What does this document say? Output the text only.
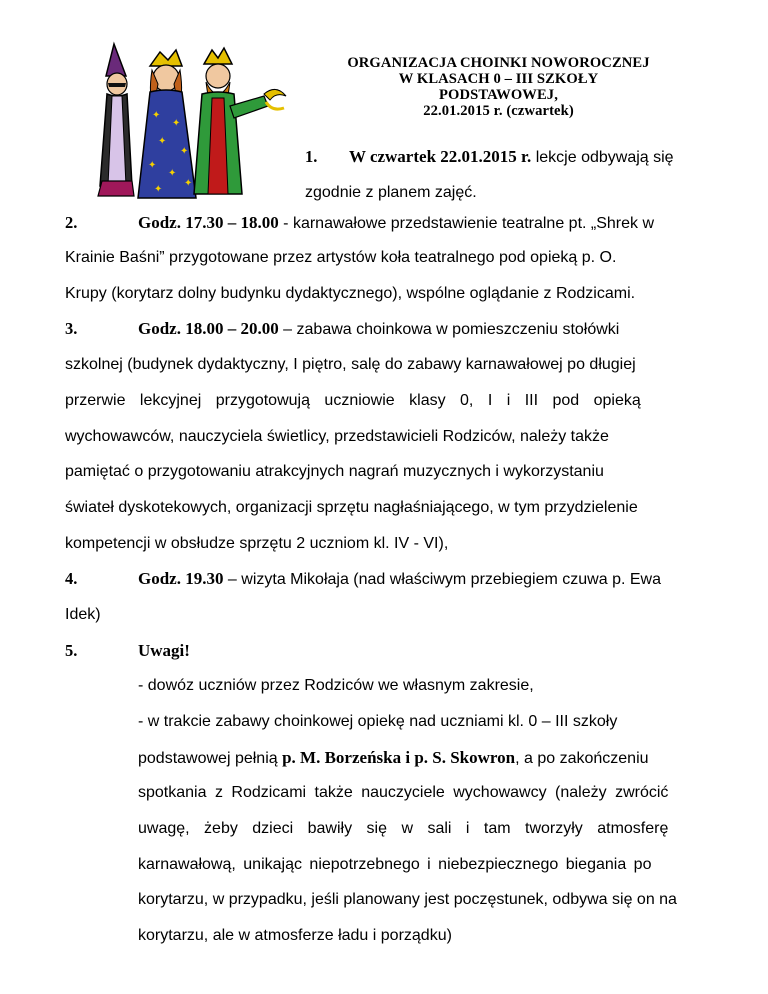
✦
✦
✦
✦
✦
✦
✦
✦
ORGANIZACJA CHOINKI NOWOROCZNEJ
W KLASACH 0 – III SZKOŁY
PODSTAWOWEJ,
22.01.2015 r. (czwartek)
1. W czwartek 22.01.2015 r. lekcje odbywają się
zgodnie z planem zajęć.
2.	Godz. 17.30 – 18.00 - karnawałowe przedstawienie teatralne pt. „Shrek w
Krainie Baśni” przygotowane przez artystów koła teatralnego pod opieką p. O.
Krupy (korytarz dolny budynku dydaktycznego), wspólne oglądanie z Rodzicami.
3.	Godz. 18.00 – 20.00 – zabawa choinkowa w pomieszczeniu stołówki
szkolnej (budynek dydaktyczny, I piętro, salę do zabawy karnawałowej po długiej
przerwie lekcyjnej przygotowują uczniowie klasy 0, I i III pod opieką
wychowawców, nauczyciela świetlicy, przedstawicieli Rodziców, należy także
pamiętać o przygotowaniu atrakcyjnych nagrań muzycznych i wykorzystaniu
świateł dyskotekowych, organizacji sprzętu nagłaśniającego, w tym przydzielenie
kompetencji w obsłudze sprzętu 2 uczniom kl. IV - VI),
4.	Godz. 19.30 – wizyta Mikołaja (nad właściwym przebiegiem czuwa p. Ewa
Idek)
5.	Uwagi!
- dowóz uczniów przez Rodziców we własnym zakresie,
- w trakcie zabawy choinkowej opiekę nad uczniami kl. 0 – III szkoły
podstawowej pełnią p. M. Borzeńska i p. S. Skowron, a po zakończeniu
spotkania z Rodzicami także nauczyciele wychowawcy (należy zwrócić
uwagę, żeby dzieci bawiły się w sali i tam tworzyły atmosferę
karnawałową, unikając niepotrzebnego i niebezpiecznego biegania po
korytarzu, w przypadku, jeśli planowany jest poczęstunek, odbywa się on na
korytarzu, ale w atmosferze ładu i porządku)
